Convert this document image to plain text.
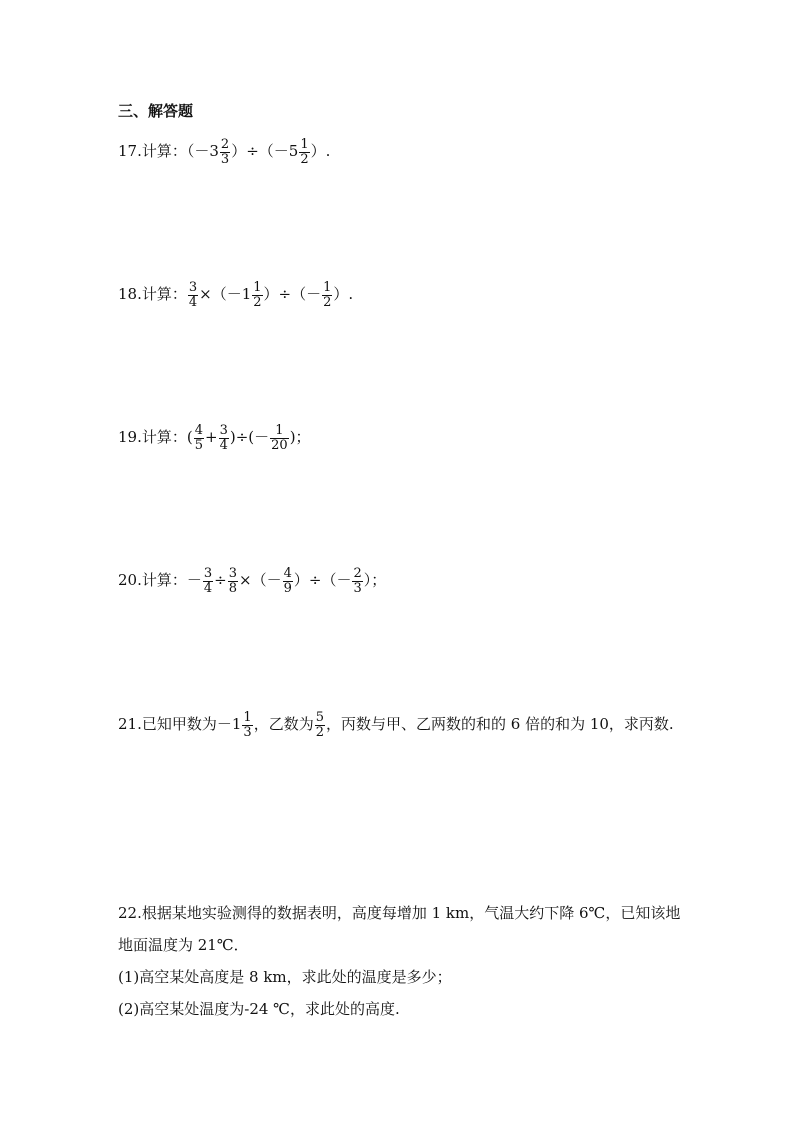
三、解答题
17.计算：$(-3 \frac{2}{3} )\div(-5 \frac{1}{2}$ ）.
18.计算： $\frac{3}{4} \times(-1 \frac{1}{2}$ ）÷（－ $\frac{1}{2}$ ）.
19.计算：( $\frac{4}{5} + \frac{3}{4}$ )÷(－ $\frac{1}{20}$ )；
20.计算：－ $\frac{3}{4} \div \frac{3}{8}$ ×（－ $\frac{4}{9}$ ）÷（－ $\frac{2}{3}$ ）；
21.已知甲数为$-1 \frac{1}{3}$ ，乙数为 $\frac{5}{2}$ ，丙数与甲、乙两数的和的 6 倍的和为 10，求丙数.
22.根据某地实验测得的数据表明，高度每增加 1 km，气温大约下降 6℃，已知该地
地面温度为 21℃．
(1)高空某处高度是 8 km，求此处的温度是多少；
(2)高空某处温度为-24 ℃，求此处的高度.
